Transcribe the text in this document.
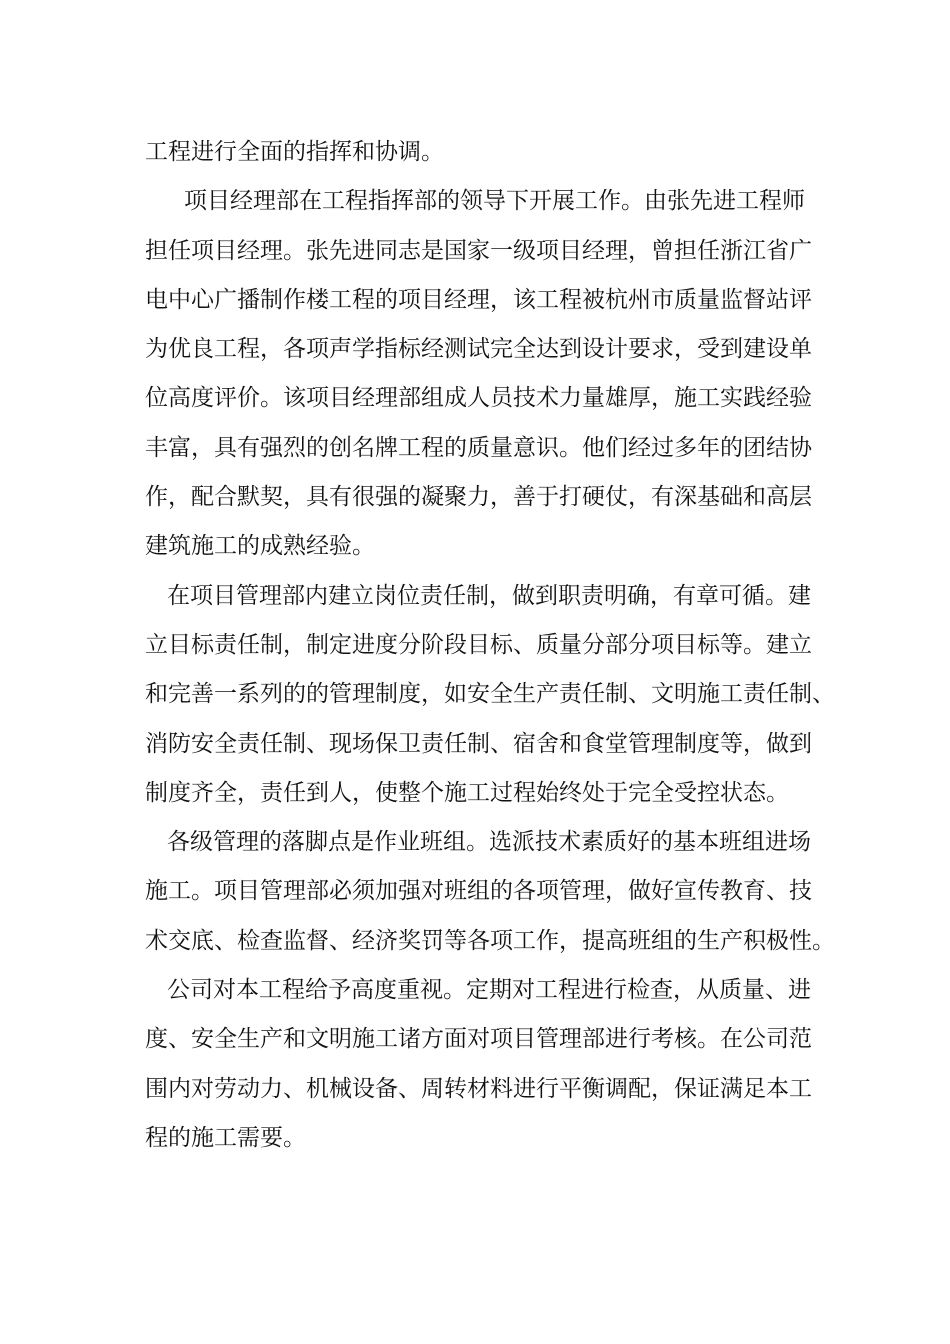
工程进行全面的指挥和协调。
项目经理部在工程指挥部的领导下开展工作。由张先进工程师
担任项目经理。张先进同志是国家一级项目经理，曾担任浙江省广
电中心广播制作楼工程的项目经理，该工程被杭州市质量监督站评
为优良工程，各项声学指标经测试完全达到设计要求，受到建设单
位高度评价。该项目经理部组成人员技术力量雄厚，施工实践经验
丰富，具有强烈的创名牌工程的质量意识。他们经过多年的团结协
作，配合默契，具有很强的凝聚力，善于打硬仗，有深基础和高层
建筑施工的成熟经验。
在项目管理部内建立岗位责任制，做到职责明确，有章可循。建
立目标责任制，制定进度分阶段目标、质量分部分项目标等。建立
和完善一系列的的管理制度，如安全生产责任制、文明施工责任制、
消防安全责任制、现场保卫责任制、宿舍和食堂管理制度等，做到
制度齐全，责任到人，使整个施工过程始终处于完全受控状态。
各级管理的落脚点是作业班组。选派技术素质好的基本班组进场
施工。项目管理部必须加强对班组的各项管理，做好宣传教育、技
术交底、检查监督、经济奖罚等各项工作，提高班组的生产积极性。
公司对本工程给予高度重视。定期对工程进行检查，从质量、进
度、安全生产和文明施工诸方面对项目管理部进行考核。在公司范
围内对劳动力、机械设备、周转材料进行平衡调配，保证满足本工
程的施工需要。
